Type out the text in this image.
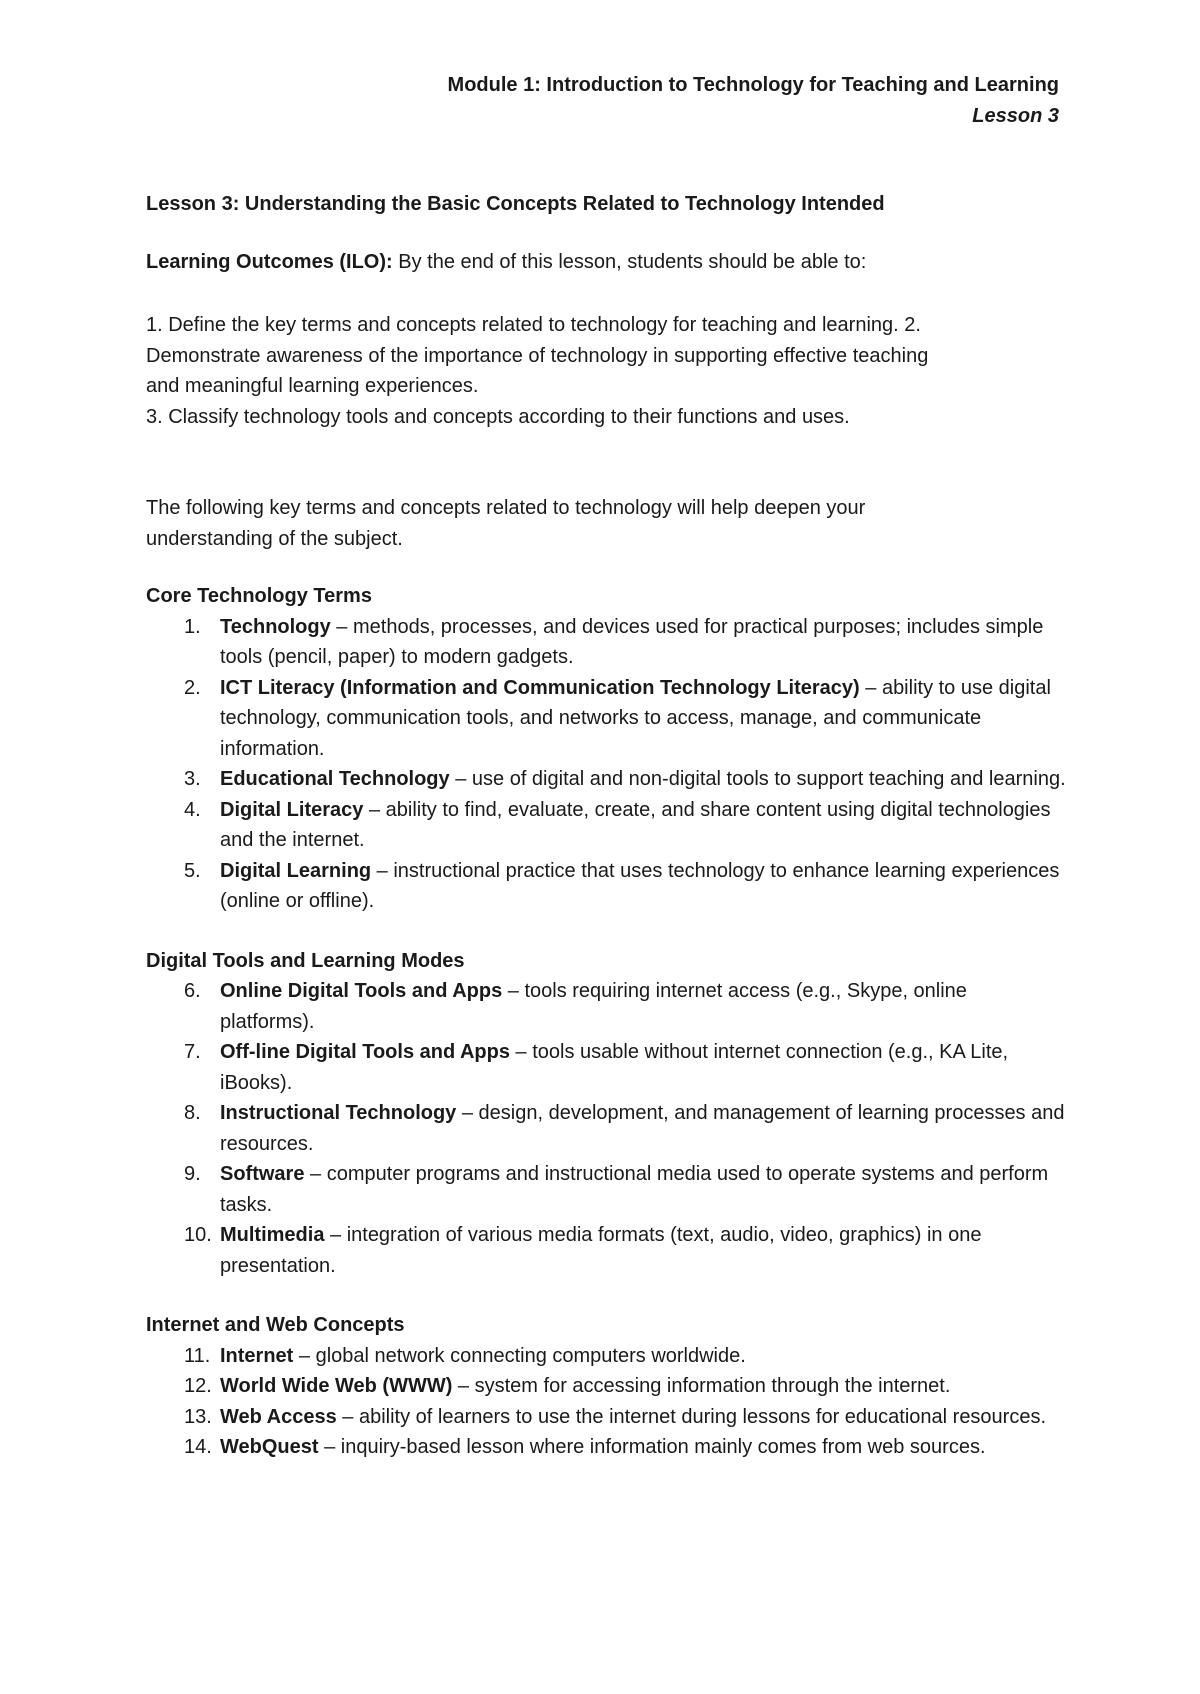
Module 1: Introduction to Technology for Teaching and Learning
Lesson 3
Lesson 3: Understanding the Basic Concepts Related to Technology Intended
Learning Outcomes (ILO): By the end of this lesson, students should be able to:

1. Define the key terms and concepts related to technology for teaching and learning. 2.

Demonstrate awareness of the importance of technology in supporting effective teaching

and meaningful learning experiences.

3. Classify technology tools and concepts according to their functions and uses.

The following key terms and concepts related to technology will help deepen your
understanding of the subject.
Core Technology Terms
1. Technology – methods, processes, and devices used for practical purposes; includes simple tools (pencil, paper) to modern gadgets.
2. ICT Literacy (Information and Communication Technology Literacy) – ability to use digital technology, communication tools, and networks to access, manage, and communicate information.
3. Educational Technology – use of digital and non-digital tools to support teaching and learning.
4. Digital Literacy – ability to find, evaluate, create, and share content using digital technologies and the internet.
5. Digital Learning – instructional practice that uses technology to enhance learning experiences (online or offline).
Digital Tools and Learning Modes
6. Online Digital Tools and Apps – tools requiring internet access (e.g., Skype, online platforms).
7. Off-line Digital Tools and Apps – tools usable without internet connection (e.g., KA Lite, iBooks).
8. Instructional Technology – design, development, and management of learning processes and resources.
9. Software – computer programs and instructional media used to operate systems and perform tasks.
10. Multimedia – integration of various media formats (text, audio, video, graphics) in one presentation.
Internet and Web Concepts
11. Internet – global network connecting computers worldwide.
12. World Wide Web (WWW) – system for accessing information through the internet.
13. Web Access – ability of learners to use the internet during lessons for educational resources.
14. WebQuest – inquiry-based lesson where information mainly comes from web sources.
